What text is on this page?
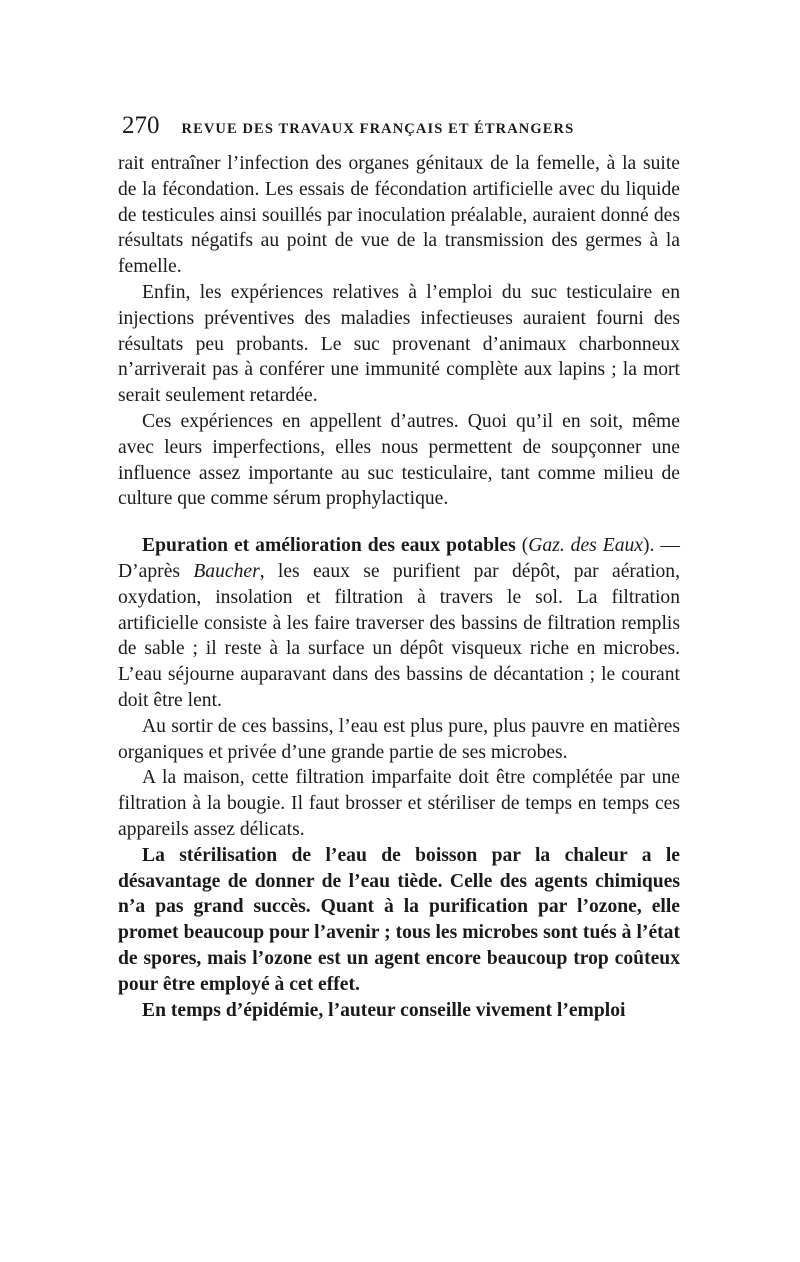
270 REVUE DES TRAVAUX FRANÇAIS ET ÉTRANGERS

rait entraîner l’infection des organes génitaux de la femelle, à la suite de la fécondation. Les essais de fécondation artificielle avec du liquide de testicules ainsi souillés par inoculation préalable, auraient donné des résultats négatifs au point de vue de la transmission des germes à la femelle.

Enfin, les expériences relatives à l’emploi du suc testiculaire en injections préventives des maladies infectieuses auraient fourni des résultats peu probants. Le suc provenant d’animaux charbonneux n’arriverait pas à conférer une immunité complète aux lapins ; la mort serait seulement retardée.

Ces expériences en appellent d’autres. Quoi qu’il en soit, même avec leurs imperfections, elles nous permettent de soupçonner une influence assez importante au suc testiculaire, tant comme milieu de culture que comme sérum prophylactique.

Epuration et amélioration des eaux potables (Gaz. des Eaux). — D’après Baucher, les eaux se purifient par dépôt, par aération, oxydation, insolation et filtration à travers le sol. La filtration artificielle consiste à les faire traverser des bassins de filtration remplis de sable ; il reste à la surface un dépôt visqueux riche en microbes. L’eau séjourne auparavant dans des bassins de décantation ; le courant doit être lent.

Au sortir de ces bassins, l’eau est plus pure, plus pauvre en matières organiques et privée d’une grande partie de ses microbes.

A la maison, cette filtration imparfaite doit être complétée par une filtration à la bougie. Il faut brosser et stériliser de temps en temps ces appareils assez délicats.

La stérilisation de l’eau de boisson par la chaleur a le désavantage de donner de l’eau tiède. Celle des agents chimiques n’a pas grand succès. Quant à la purification par l’ozone, elle promet beaucoup pour l’avenir ; tous les microbes sont tués à l’état de spores, mais l’ozone est un agent encore beaucoup trop coûteux pour être employé à cet effet.

En temps d’épidémie, l’auteur conseille vivement l’emploi
